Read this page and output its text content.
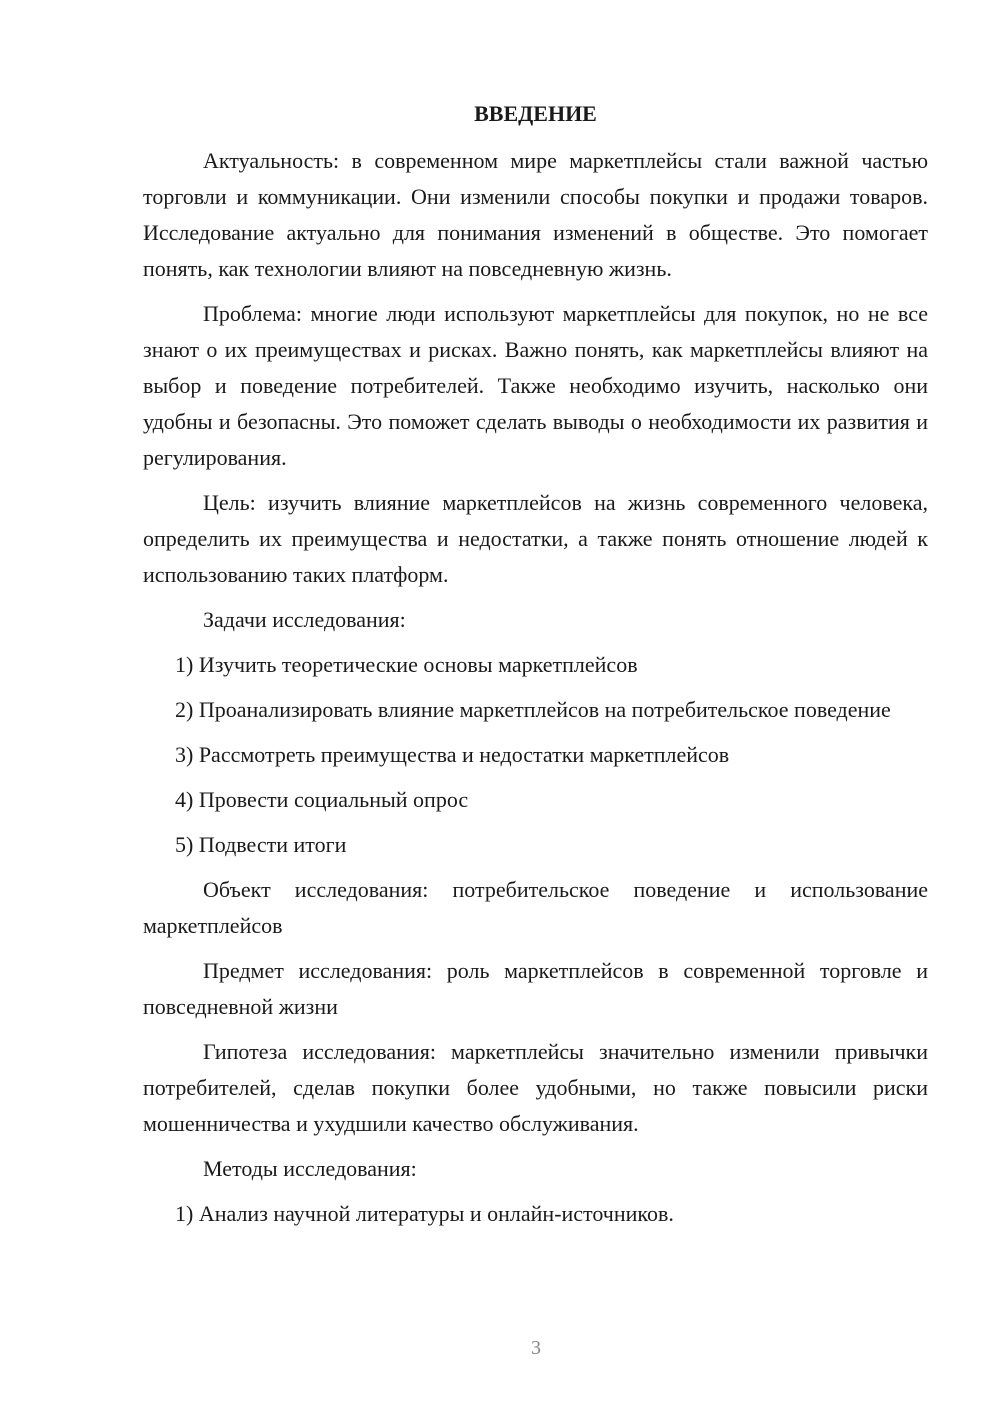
ВВЕДЕНИЕ

Актуальность: в современном мире маркетплейсы стали важной частью торговли и коммуникации. Они изменили способы покупки и продажи товаров. Исследование актуально для понимания изменений в обществе. Это помогает понять, как технологии влияют на повседневную жизнь.

Проблема: многие люди используют маркетплейсы для покупок, но не все знают о их преимуществах и рисках. Важно понять, как маркетплейсы влияют на выбор и поведение потребителей. Также необходимо изучить, насколько они удобны и безопасны. Это поможет сделать выводы о необходимости их развития и регулирования.

Цель: изучить влияние маркетплейсов на жизнь современного человека, определить их преимущества и недостатки, а также понять отношение людей к использованию таких платформ.

Задачи исследования:

1) Изучить теоретические основы маркетплейсов

2) Проанализировать влияние маркетплейсов на потребительское поведение

3) Рассмотреть преимущества и недостатки маркетплейсов

4) Провести социальный опрос

5) Подвести итоги

Объект исследования: потребительское поведение и использование маркетплейсов

Предмет исследования: роль маркетплейсов в современной торговле и повседневной жизни

Гипотеза исследования: маркетплейсы значительно изменили привычки потребителей, сделав покупки более удобными, но также повысили риски мошенничества и ухудшили качество обслуживания.

Методы исследования:

1) Анализ научной литературы и онлайн-источников.

3
